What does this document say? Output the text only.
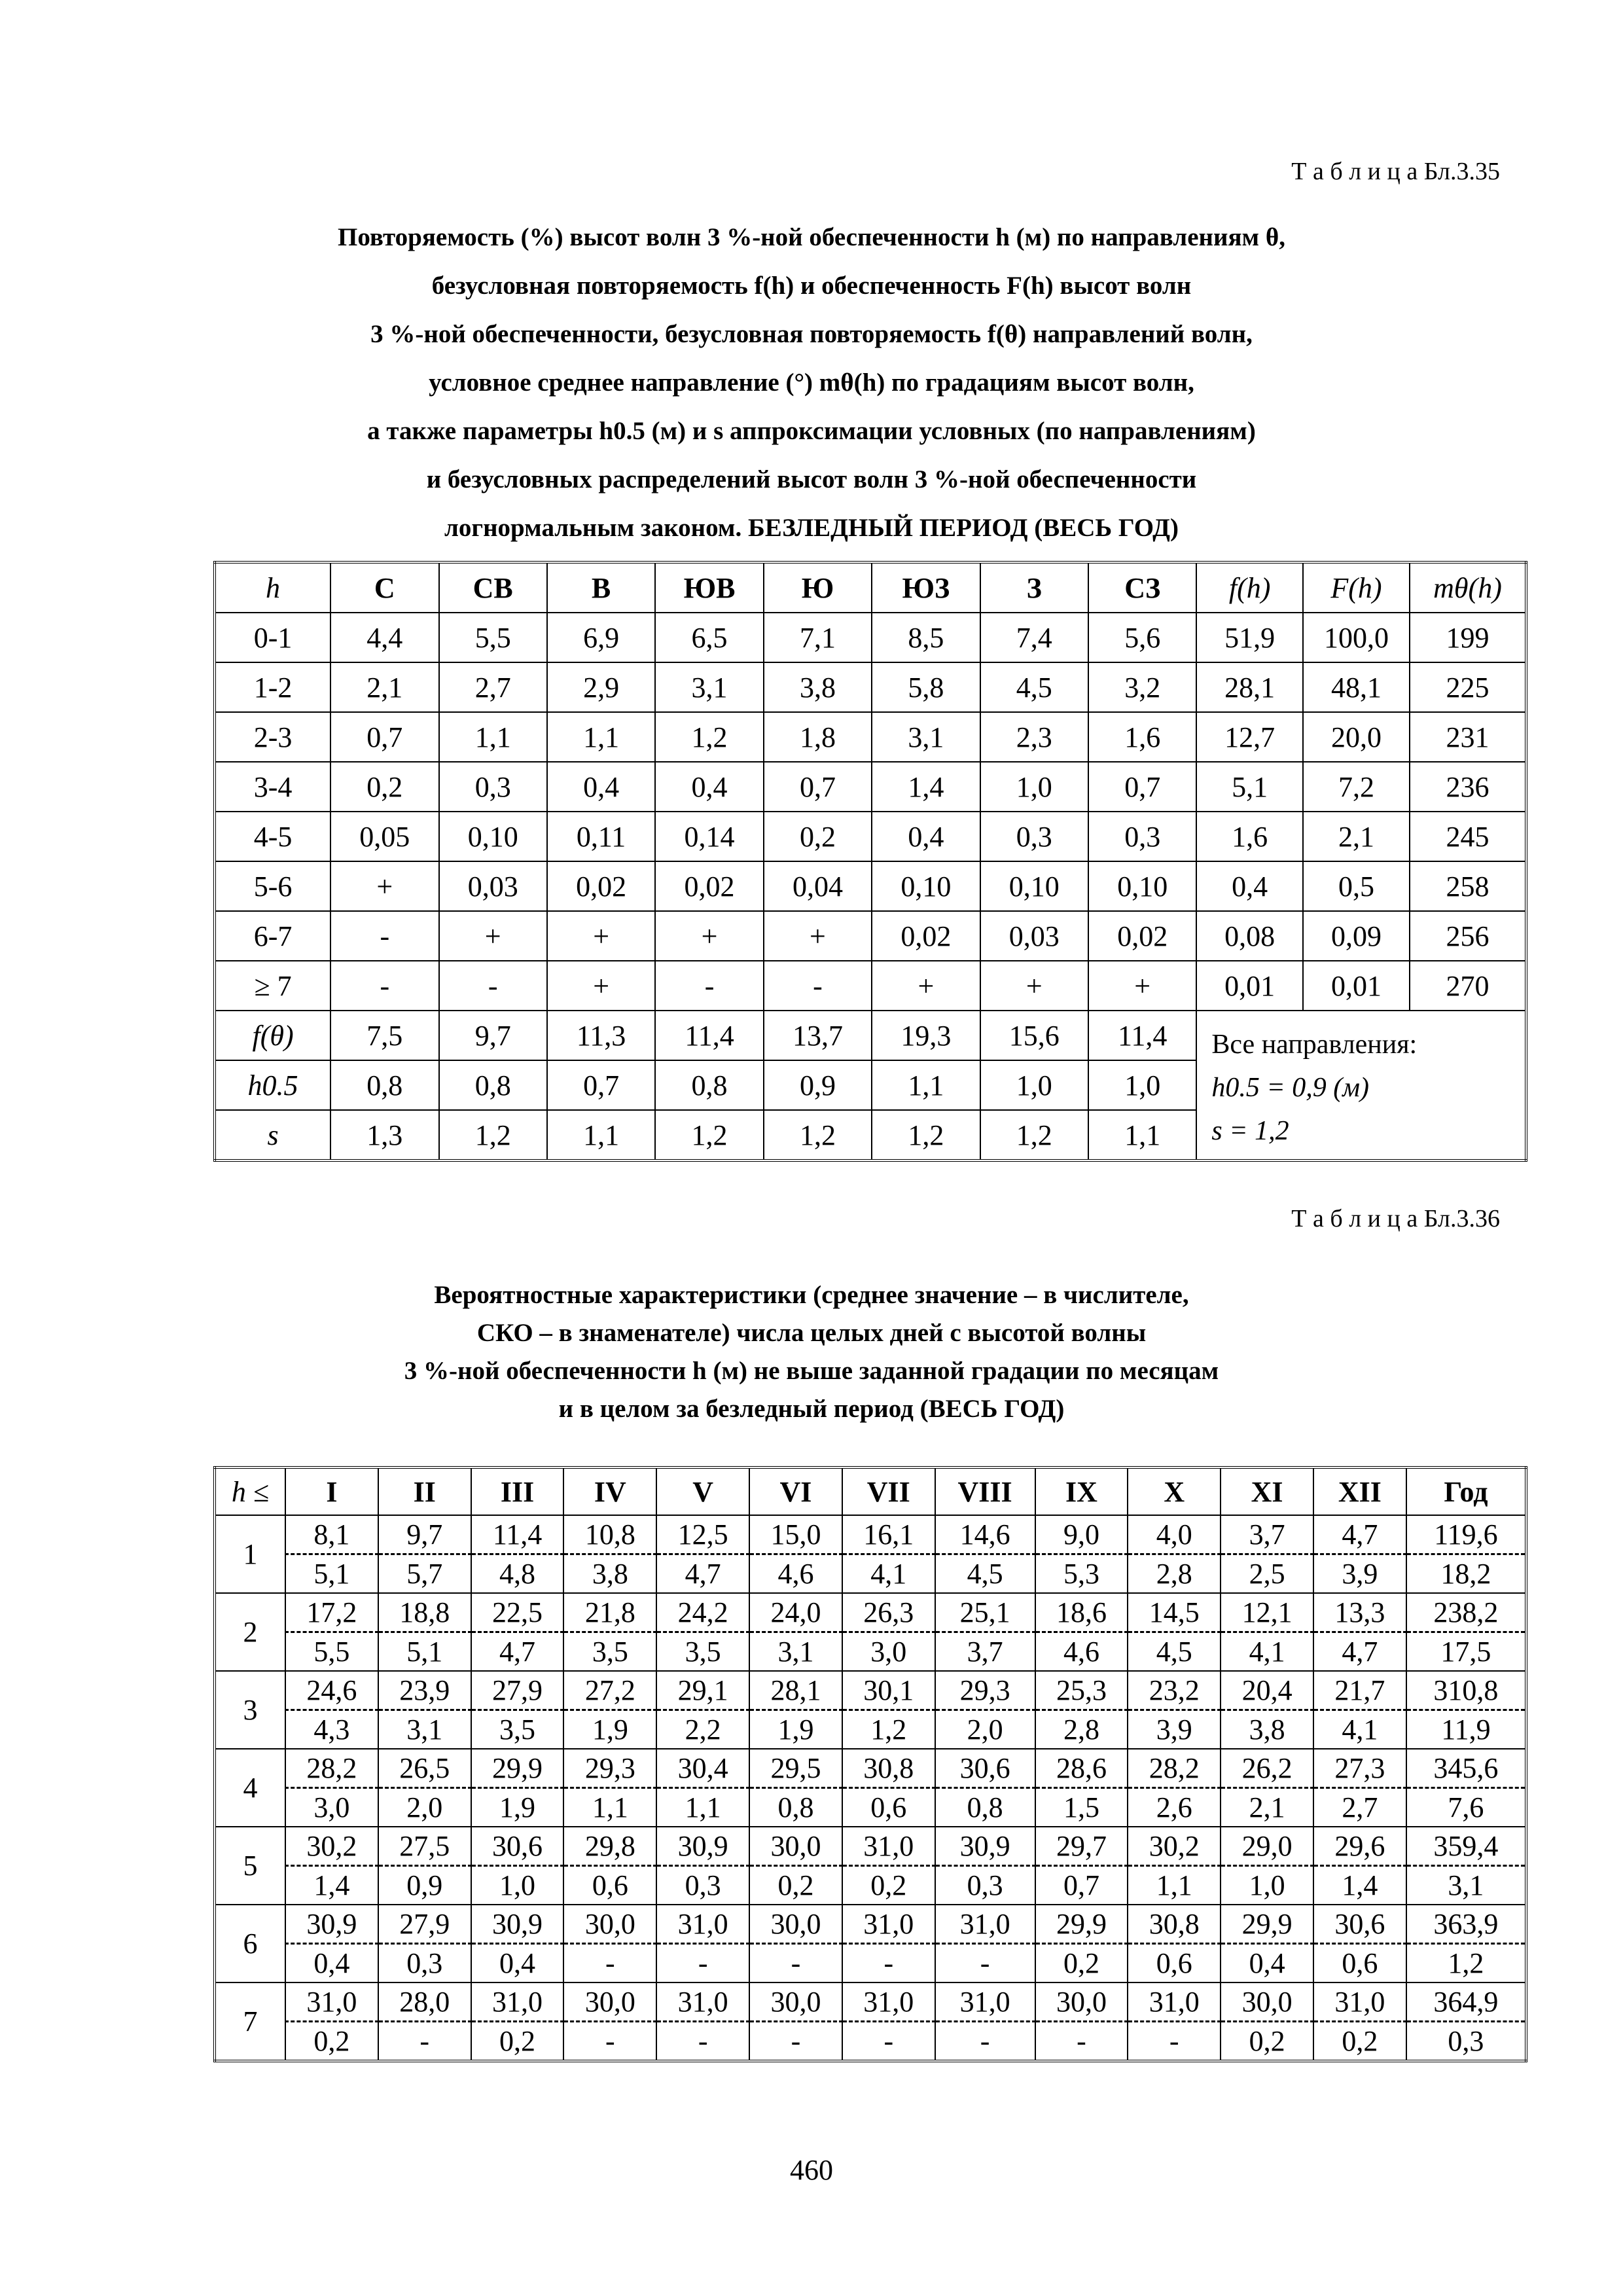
Т а б л и ц а Бл.3.35
Повторяемость (%) высот волн 3 %-ной обеспеченности h (м) по направлениям θ,
безусловная повторяемость f(h) и обеспеченность F(h) высот волн
3 %-ной обеспеченности, безусловная повторяемость f(θ) направлений волн,
условное среднее направление (°) mθ(h) по градациям высот волн,
а также параметры h0.5 (м) и s аппроксимации условных (по направлениям)
и безусловных распределений высот волн 3 %-ной обеспеченности
логнормальным законом. БЕЗЛЕДНЫЙ ПЕРИОД (ВЕСЬ ГОД)
h	С	СВ	В	ЮВ	Ю	ЮЗ	З	СЗ	f(h)	F(h)	mθ(h)
0-1	4,4	5,5	6,9	6,5	7,1	8,5	7,4	5,6	51,9	100,0	199
1-2	2,1	2,7	2,9	3,1	3,8	5,8	4,5	3,2	28,1	48,1	225
2-3	0,7	1,1	1,1	1,2	1,8	3,1	2,3	1,6	12,7	20,0	231
3-4	0,2	0,3	0,4	0,4	0,7	1,4	1,0	0,7	5,1	7,2	236
4-5	0,05	0,10	0,11	0,14	0,2	0,4	0,3	0,3	1,6	2,1	245
5-6	+	0,03	0,02	0,02	0,04	0,10	0,10	0,10	0,4	0,5	258
6-7	-	+	+	+	+	0,02	0,03	0,02	0,08	0,09	256
≥ 7	-	-	+	-	-	+	+	+	0,01	0,01	270
f(θ)	7,5	9,7	11,3	11,4	13,7	19,3	15,6	11,4	Все направления:
h0.5 = 0,9 (м)
s = 1,2		

h0.5	0,8	0,8	0,7	0,8	0,9	1,1	1,0	1,0			
s	1,3	1,2	1,1	1,2	1,2	1,2	1,2	1,1			
Т а б л и ц а Бл.3.36
Вероятностные характеристики (среднее значение – в числителе,
СКО – в знаменателе) числа целых дней с высотой волны
3 %-ной обеспеченности h (м) не выше заданной градации по месяцам
и в целом за безледный период (ВЕСЬ ГОД)
h ≤	I	II	III	IV	V	VI	VII	VIII	IX	X	XI	XII	Год
1	8,1	9,7	11,4	10,8	12,5	15,0	16,1	14,6	9,0	4,0	3,7	4,7	119,6
	5,1	5,7	4,8	3,8	4,7	4,6	4,1	4,5	5,3	2,8	2,5	3,9	18,2
2	17,2	18,8	22,5	21,8	24,2	24,0	26,3	25,1	18,6	14,5	12,1	13,3	238,2
	5,5	5,1	4,7	3,5	3,5	3,1	3,0	3,7	4,6	4,5	4,1	4,7	17,5
3	24,6	23,9	27,9	27,2	29,1	28,1	30,1	29,3	25,3	23,2	20,4	21,7	310,8
	4,3	3,1	3,5	1,9	2,2	1,9	1,2	2,0	2,8	3,9	3,8	4,1	11,9
4	28,2	26,5	29,9	29,3	30,4	29,5	30,8	30,6	28,6	28,2	26,2	27,3	345,6
	3,0	2,0	1,9	1,1	1,1	0,8	0,6	0,8	1,5	2,6	2,1	2,7	7,6
5	30,2	27,5	30,6	29,8	30,9	30,0	31,0	30,9	29,7	30,2	29,0	29,6	359,4
	1,4	0,9	1,0	0,6	0,3	0,2	0,2	0,3	0,7	1,1	1,0	1,4	3,1
6	30,9	27,9	30,9	30,0	31,0	30,0	31,0	31,0	29,9	30,8	29,9	30,6	363,9
	0,4	0,3	0,4	-	-	-	-	-	0,2	0,6	0,4	0,6	1,2
7	31,0	28,0	31,0	30,0	31,0	30,0	31,0	31,0	30,0	31,0	30,0	31,0	364,9
	0,2	-	0,2	-	-	-	-	-	-	-	0,2	0,2	0,3
460
